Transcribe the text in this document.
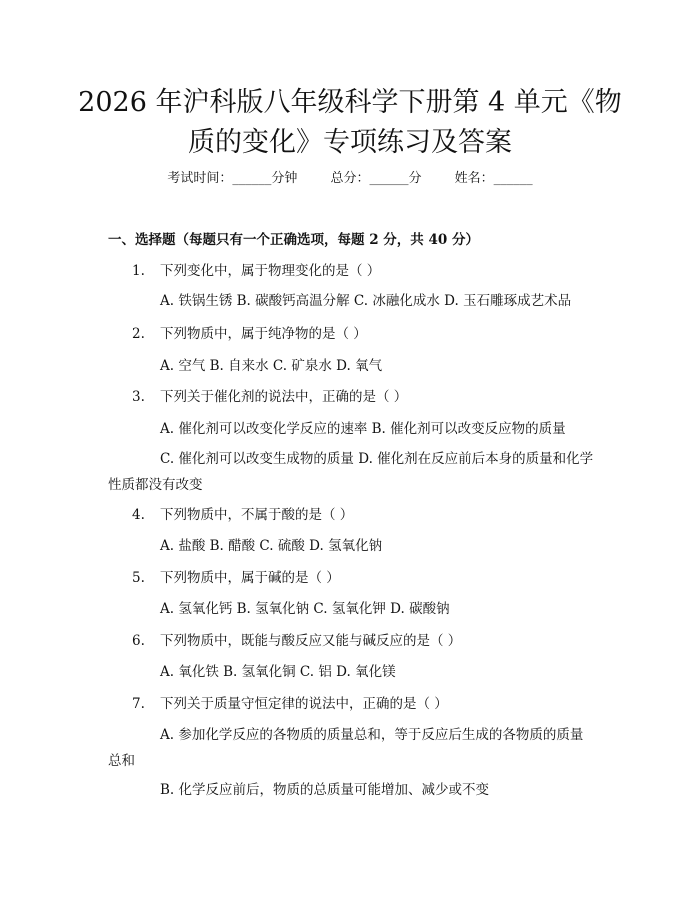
2026 年沪科版八年级科学下册第 4 单元《物
质的变化》专项练习及答案
考试时间：______分钟	总分：______分	姓名：______
一、选择题（每题只有一个正确选项，每题 2 分，共 40 分）
1. 下列变化中，属于物理变化的是（ ）
A. 铁锅生锈 B. 碳酸钙高温分解 C. 冰融化成水 D. 玉石雕琢成艺术品
2. 下列物质中，属于纯净物的是（ ）
A. 空气 B. 自来水 C. 矿泉水 D. 氧气
3. 下列关于催化剂的说法中，正确的是（ ）
A. 催化剂可以改变化学反应的速率 B. 催化剂可以改变反应物的质量
C. 催化剂可以改变生成物的质量 D. 催化剂在反应前后本身的质量和化学性质都没有改变
4. 下列物质中，不属于酸的是（ ）
A. 盐酸 B. 醋酸 C. 硫酸 D. 氢氧化钠
5. 下列物质中，属于碱的是（ ）
A. 氢氧化钙 B. 氢氧化钠 C. 氢氧化钾 D. 碳酸钠
6. 下列物质中，既能与酸反应又能与碱反应的是（ ）
A. 氧化铁 B. 氢氧化铜 C. 铝 D. 氧化镁
7. 下列关于质量守恒定律的说法中，正确的是（ ）
A. 参加化学反应的各物质的质量总和，等于反应后生成的各物质的质量总和
B. 化学反应前后，物质的总质量可能增加、减少或不变
